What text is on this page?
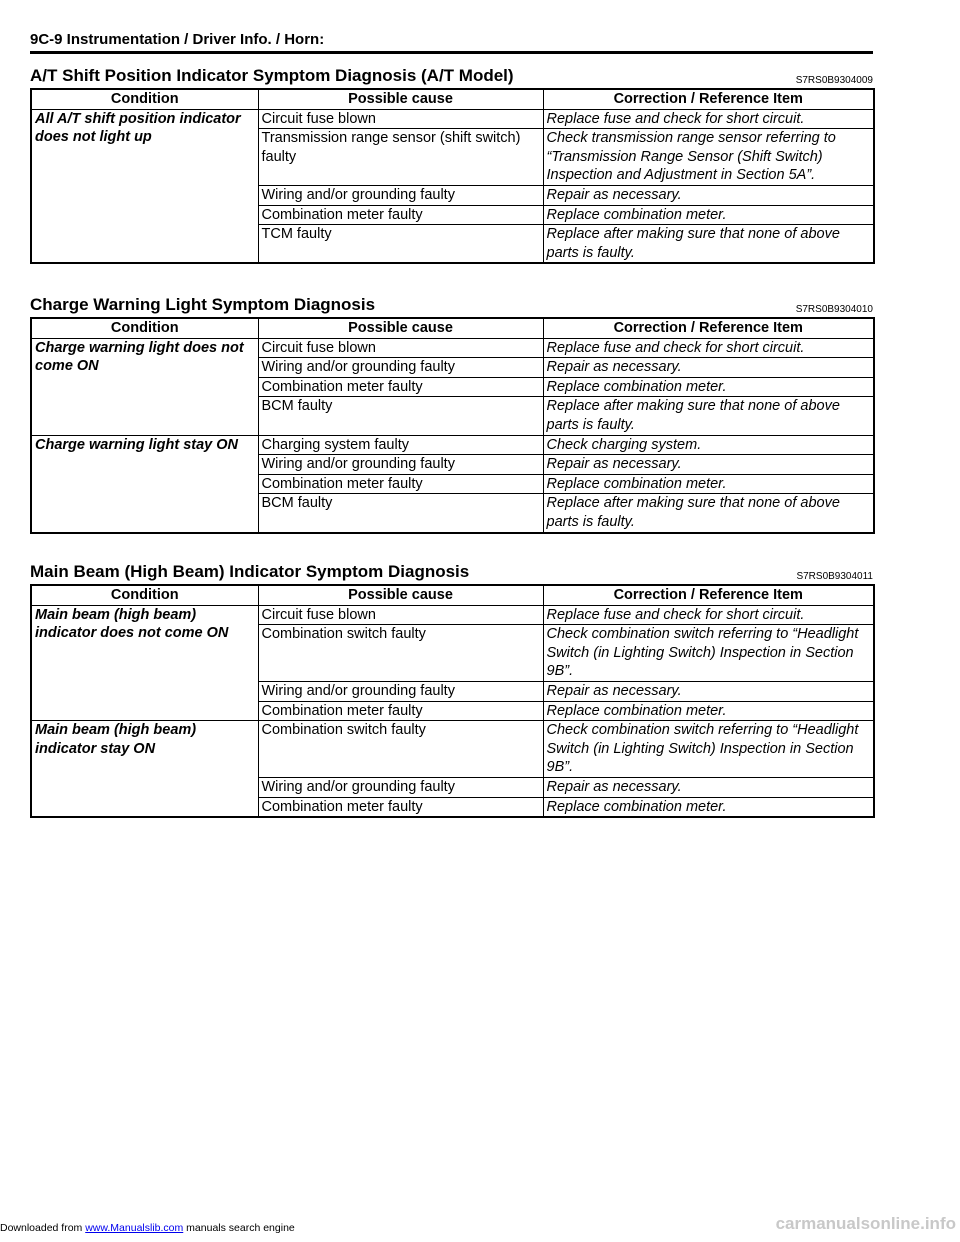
9C-9 Instrumentation / Driver Info. / Horn:
A/T Shift Position Indicator Symptom Diagnosis (A/T Model)	S7RS0B9304009
Condition	Possible cause	Correction / Reference Item
All A/T shift position indicator does not light up	Circuit fuse blown	Replace fuse and check for short circuit.
	Transmission range sensor (shift switch) faulty	Check transmission range sensor referring to “Transmission Range Sensor (Shift Switch) Inspection and Adjustment in Section 5A”.
	Wiring and/or grounding faulty	Repair as necessary.
	Combination meter faulty	Replace combination meter.
	TCM faulty	Replace after making sure that none of above parts is faulty.
Charge Warning Light Symptom Diagnosis	S7RS0B9304010
Condition	Possible cause	Correction / Reference Item
Charge warning light does not come ON	Circuit fuse blown	Replace fuse and check for short circuit.
	Wiring and/or grounding faulty	Repair as necessary.
	Combination meter faulty	Replace combination meter.
	BCM faulty	Replace after making sure that none of above parts is faulty.
Charge warning light stay ON	Charging system faulty	Check charging system.
	Wiring and/or grounding faulty	Repair as necessary.
	Combination meter faulty	Replace combination meter.
	BCM faulty	Replace after making sure that none of above parts is faulty.
Main Beam (High Beam) Indicator Symptom Diagnosis	S7RS0B9304011
Condition	Possible cause	Correction / Reference Item
Main beam (high beam) indicator does not come ON	Circuit fuse blown	Replace fuse and check for short circuit.
	Combination switch faulty	Check combination switch referring to “Headlight Switch (in Lighting Switch) Inspection in Section 9B”.
	Wiring and/or grounding faulty	Repair as necessary.
	Combination meter faulty	Replace combination meter.
Main beam (high beam) indicator stay ON	Combination switch faulty	Check combination switch referring to “Headlight Switch (in Lighting Switch) Inspection in Section 9B”.
	Wiring and/or grounding faulty	Repair as necessary.
	Combination meter faulty	Replace combination meter.
Downloaded from www.Manualslib.com manuals search engine	carmanualsonline.info
